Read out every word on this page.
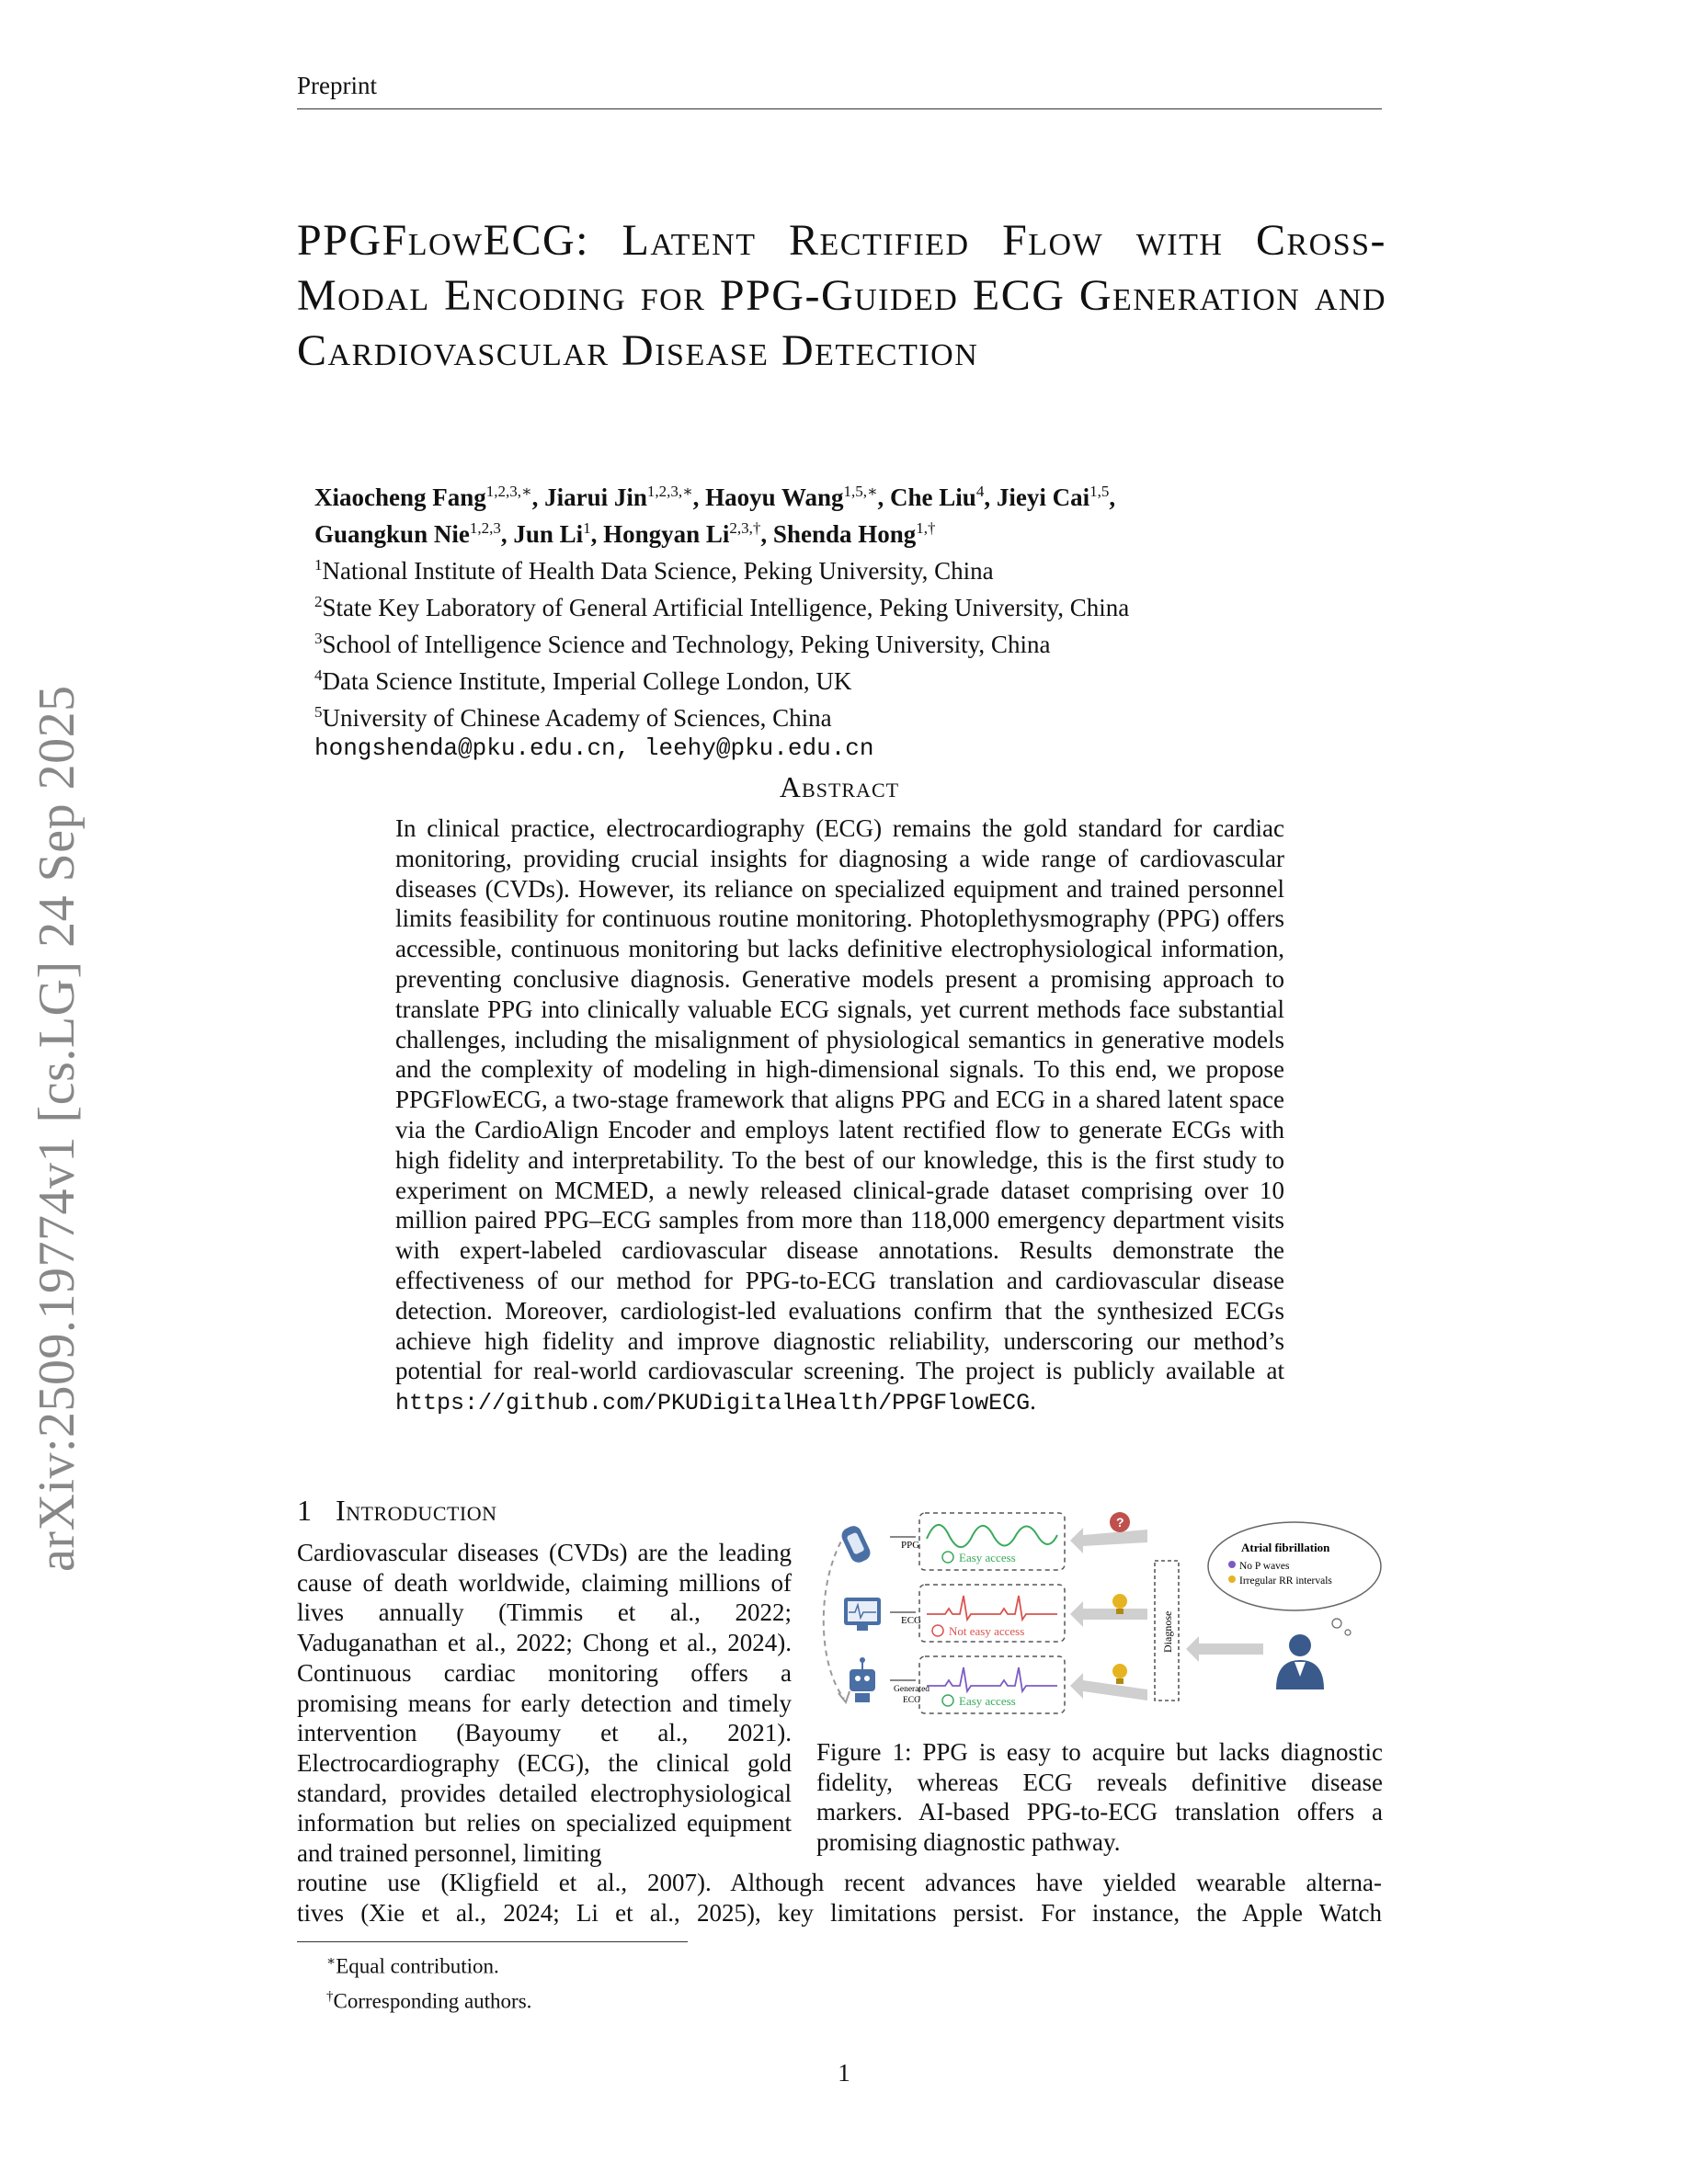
Preprint
arXiv:2509.19774v1 [cs.LG] 24 Sep 2025
PPGFlowECG: Latent Rectified Flow with Cross-Modal Encoding for PPG-Guided ECG Generation and Cardiovascular Disease Detection
Xiaocheng Fang$^{1,2,3,∗}$, Jiarui Jin$^{1,2,3,∗}$, Haoyu Wang$^{1,5,∗}$, Che Liu$^4$, Jieyi Cai$^{1,5}$,
Guangkun Nie$^{1,2,3}$, Jun Li$^1$, Hongyan $Li^{2,3,\dagger}$, Shenda Hong$^{1,\dagger}$
$^1$National Institute of Health Data Science, Peking University, China
$^2$State Key Laboratory of General Artificial Intelligence, Peking University, China
$^3$School of Intelligence Science and Technology, Peking University, China
$^4$Data Science Institute, Imperial College London, UK
$^5$University of Chinese Academy of Sciences, China
hongshenda@pku.edu.cn, leehy@pku.edu.cn
Abstract
In clinical practice, electrocardiography (ECG) remains the gold standard for cardiac monitoring, providing crucial insights for diagnosing a wide range of cardiovascular diseases (CVDs). However, its reliance on specialized equipment and trained personnel limits feasibility for continuous routine monitoring. Photoplethysmography (PPG) offers accessible, continuous monitoring but lacks definitive electrophysiological information, preventing conclusive diagnosis. Generative models present a promising approach to translate PPG into clinically valuable ECG signals, yet current methods face substantial challenges, including the misalignment of physiological semantics in generative models and the complexity of modeling in high-dimensional signals. To this end, we propose PPGFlowECG, a two-stage framework that aligns PPG and ECG in a shared latent space via the CardioAlign Encoder and employs latent rectified flow to generate ECGs with high fidelity and interpretability. To the best of our knowledge, this is the first study to experiment on MCMED, a newly released clinical-grade dataset comprising over 10 million paired PPG–ECG samples from more than 118,000 emergency department visits with expert-labeled cardiovascular disease annotations. Results demonstrate the effectiveness of our method for PPG-to-ECG translation and cardiovascular disease detection. Moreover, cardiologist-led evaluations confirm that the synthesized ECGs achieve high fidelity and improve diagnostic reliability, underscoring our method’s potential for real-world cardiovascular screening. The project is publicly available at https://github.com/PKUDigitalHealth/PPGFlowECG.
1 Introduction
Cardiovascular diseases (CVDs) are the leading cause of death worldwide, claiming millions of lives annually (Timmis et al., 2022; Vaduganathan et al., 2022; Chong et al., 2024). Continuous cardiac monitoring offers a promising means for early detection and timely intervention (Bayoumy et al., 2021). Electrocardiography (ECG), the clinical gold standard, provides detailed electrophysiological information but relies on specialized equipment and trained personnel, limiting
routine use (Kligfield et al., 2007). Although recent advances have yielded wearable alterna-
tives (Xie et al., 2024; Li et al., 2025), key limitations persist. For instance, the Apple Watch
PPG
ECG
Generated
ECG
Easy access
Not easy access
Easy access
?
Diagnose
Atrial fibrillation
No P waves
Irregular RR intervals
Figure 1: PPG is easy to acquire but lacks diagnostic fidelity, whereas ECG reveals definitive disease markers. AI-based PPG-to-ECG translation offers a promising diagnostic pathway.
∗Equal contribution.
†Corresponding authors.
1
